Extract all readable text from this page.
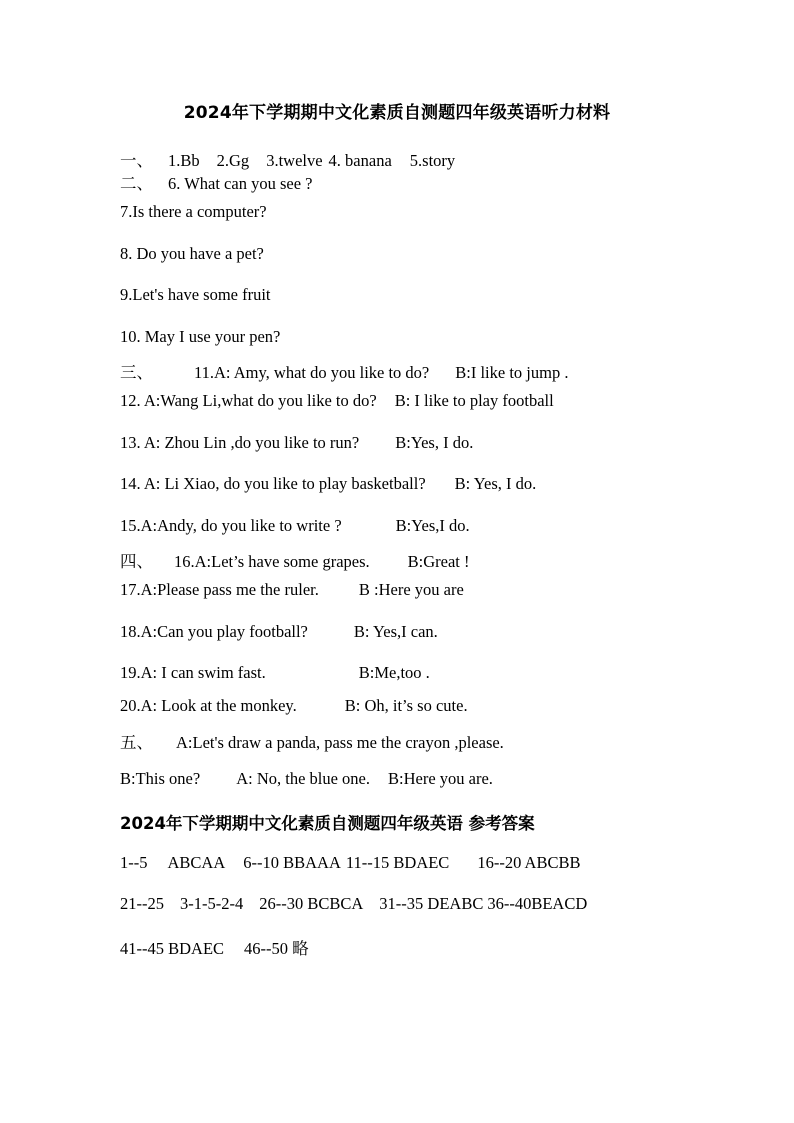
2024年下学期期中文化素质自测题四年级英语听力材料
一、 1.Bb 2.Gg 3.twelve 4. banana 5.story
二、 6. What can you see ?
7.Is there a computer?
8. Do you have a pet?
9.Let's have some fruit
10. May I use your pen?
三、 11.A: Amy, what do you like to do? B:I like to jump .
12. A:Wang Li,what do you like to do? B: I like to play football
13. A: Zhou Lin ,do you like to run? B:Yes, I do.
14. A: Li Xiao, do you like to play basketball? B: Yes, I do.
15.A:Andy, do you like to write ?	B:Yes,I do.
四、 16.A:Let’s have some grapes. B:Great !
17.A:Please pass me the ruler. B :Here you are
18.A:Can you play football?	B: Yes,I can.
19.A: I can swim fast.	B:Me,too .
20.A: Look at the monkey.	B: Oh, it’s so cute.
五、 A:Let's draw a panda, pass me the crayon ,please.
B:This one? A: No, the blue one. B:Here you are.
2024年下学期期中文化素质自测题四年级英语 参考答案
1--5 ABCAA 6--10 BBAAA 11--15 BDAEC 16--20 ABCBB
21--25 3-1-5-2-4 26--30 BCBCA 31--35 DEABC 36--40BEACD
41--45 BDAEC 46--50 略
